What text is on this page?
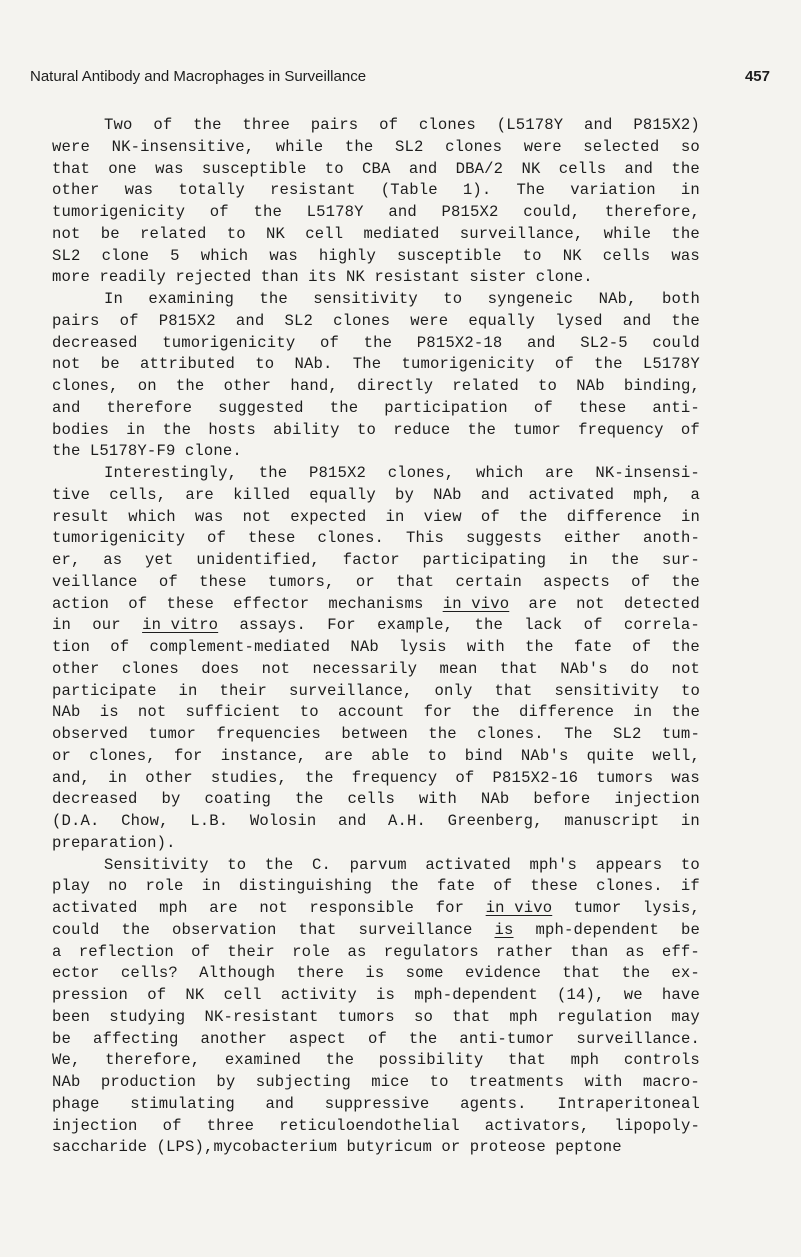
Natural Antibody and Macrophages in Surveillance	457
Two of the three pairs of clones (L5178Y and P815X2)
were NK-insensitive, while the SL2 clones were selected so
that one was susceptible to CBA and DBA/2 NK cells and the
other was totally resistant (Table 1). The variation in
tumorigenicity of the L5178Y and P815X2 could, therefore,
not be related to NK cell mediated surveillance, while the
SL2 clone 5 which was highly susceptible to NK cells was
more readily rejected than its NK resistant sister clone.
In examining the sensitivity to syngeneic NAb, both
pairs of P815X2 and SL2 clones were equally lysed and the
decreased tumorigenicity of the P815X2-18 and SL2-5 could
not be attributed to NAb. The tumorigenicity of the L5178Y
clones, on the other hand, directly related to NAb binding,
and therefore suggested the participation of these anti-
bodies in the hosts ability to reduce the tumor frequency of
the L5178Y-F9 clone.
Interestingly, the P815X2 clones, which are NK-insensi-
tive cells, are killed equally by NAb and activated mph, a
result which was not expected in view of the difference in
tumorigenicity of these clones. This suggests either anoth-
er, as yet unidentified, factor participating in the sur-
veillance of these tumors, or that certain aspects of the
action of these effector mechanisms in vivo are not detected
in our in vitro assays. For example, the lack of correla-
tion of complement-mediated NAb lysis with the fate of the
other clones does not necessarily mean that NAb's do not
participate in their surveillance, only that sensitivity to
NAb is not sufficient to account for the difference in the
observed tumor frequencies between the clones. The SL2 tum-
or clones, for instance, are able to bind NAb's quite well,
and, in other studies, the frequency of P815X2-16 tumors was
decreased by coating the cells with NAb before injection
(D.A. Chow, L.B. Wolosin and A.H. Greenberg, manuscript in
preparation).
Sensitivity to the C. parvum activated mph's appears to
play no role in distinguishing the fate of these clones. if
activated mph are not responsible for in vivo tumor lysis,
could the observation that surveillance is mph-dependent be
a reflection of their role as regulators rather than as eff-
ector cells? Although there is some evidence that the ex-
pression of NK cell activity is mph-dependent (14), we have
been studying NK-resistant tumors so that mph regulation may
be affecting another aspect of the anti-tumor surveillance.
We, therefore, examined the possibility that mph controls
NAb production by subjecting mice to treatments with macro-
phage stimulating and suppressive agents. Intraperitoneal
injection of three reticuloendothelial activators, lipopoly-
saccharide (LPS),mycobacterium butyricum or proteose peptone
